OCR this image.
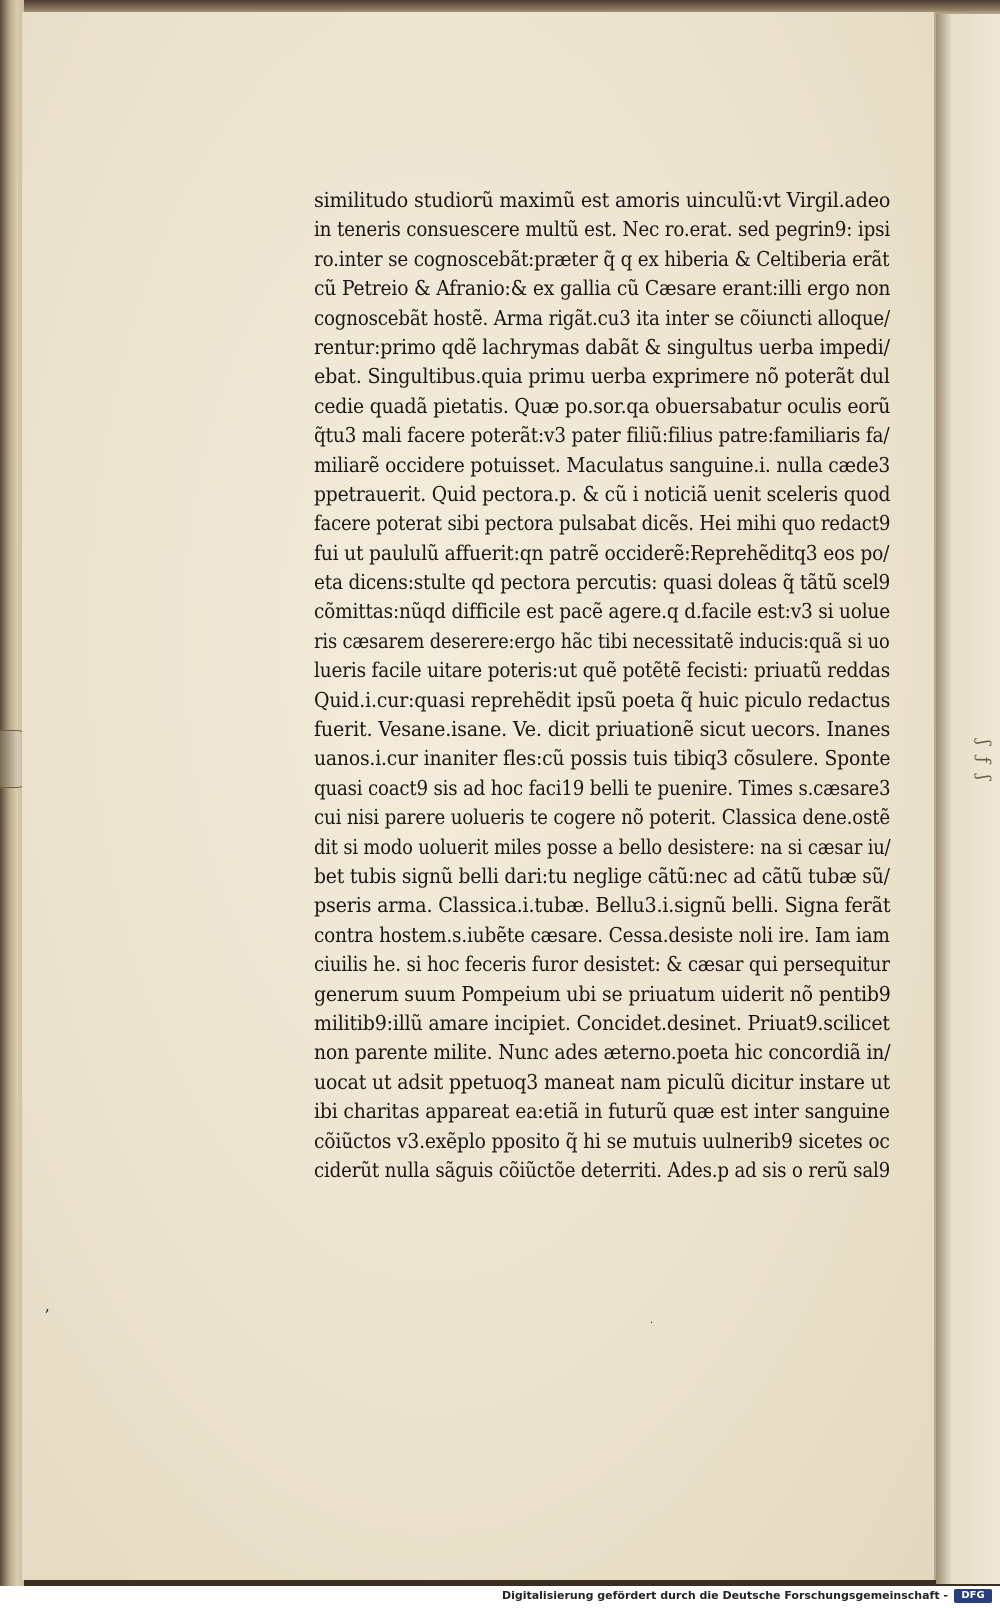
ʃ ƒ ʃ
ʼ	·
similitudo studiorũ maximũ est amoris uinculũ:vt Virgil.adeo
in teneris consuescere multũ est. Nec ro.erat. sed pegrin9: ipsi
ro.inter se cognoscebãt:præter q̃ q ex hiberia & Celtiberia erãt
cũ Petreio & Afranio:& ex gallia cũ Cæsare erant:illi ergo non
cognoscebãt hostẽ. Arma rigãt.cu3 ita inter se cõiuncti alloque/
rentur:primo qdẽ lachrymas dabãt & singultus uerba impedi/
ebat. Singultibus.quia primu uerba exprimere nõ poterãt dul
cedie quadã pietatis. Quæ po.sor.qa obuersabatur oculis eorũ
q̃tu3 mali facere poterãt:v3 pater filiũ:filius patre:familiaris fa/
miliarẽ occidere potuisset. Maculatus sanguine.i. nulla cæde3
ppetrauerit. Quid pectora.p. & cũ i noticiã uenit sceleris quod
facere poterat sibi pectora pulsabat dicẽs. Hei mihi quo redact9
fui ut paululũ affuerit:qn patrẽ occiderẽ:Reprehẽditq3 eos po/
eta dicens:stulte qd pectora percutis: quasi doleas q̃ tãtũ scel9
cõmittas:nũqd difficile est pacẽ agere.q d.facile est:v3 si uolue
ris cæsarem deserere:ergo hãc tibi necessitatẽ inducis:quã si uo
lueris facile uitare poteris:ut quẽ potẽtẽ fecisti: priuatũ reddas
Quid.i.cur:quasi reprehẽdit ipsũ poeta q̃ huic piculo redactus
fuerit. Vesane.isane. Ve. dicit priuationẽ sicut uecors. Inanes
uanos.i.cur inaniter fles:cũ possis tuis tibiq3 cõsulere. Sponte
quasi coact9 sis ad hoc faci19 belli te puenire. Times s.cæsare3
cui nisi parere uolueris te cogere nõ poterit. Classica dene.ostẽ
dit si modo uoluerit miles posse a bello desistere: na si cæsar iu/
bet tubis signũ belli dari:tu neglige cãtũ:nec ad cãtũ tubæ sũ/
pseris arma. Classica.i.tubæ. Bellu3.i.signũ belli. Signa ferãt
contra hostem.s.iubẽte cæsare. Cessa.desiste noli ire. Iam iam
ciuilis he. si hoc feceris furor desistet: & cæsar qui persequitur
generum suum Pompeium ubi se priuatum uiderit nõ pentib9
militib9:illũ amare incipiet. Concidet.desinet. Priuat9.scilicet
non parente milite. Nunc ades æterno.poeta hic concordiã in/
uocat ut adsit ppetuoq3 maneat nam piculũ dicitur instare ut
ibi charitas appareat ea:etiã in futurũ quæ est inter sanguine
cõiũctos v3.exẽplo pposito q̃ hi se mutuis uulnerib9 sicetes oc
ciderũt nulla sãguis cõiũctõe deterriti. Ades.p ad sis o rerũ sal9
Digitalisierung gefördert durch die Deutsche Forschungsgemeinschaft -	DFG
